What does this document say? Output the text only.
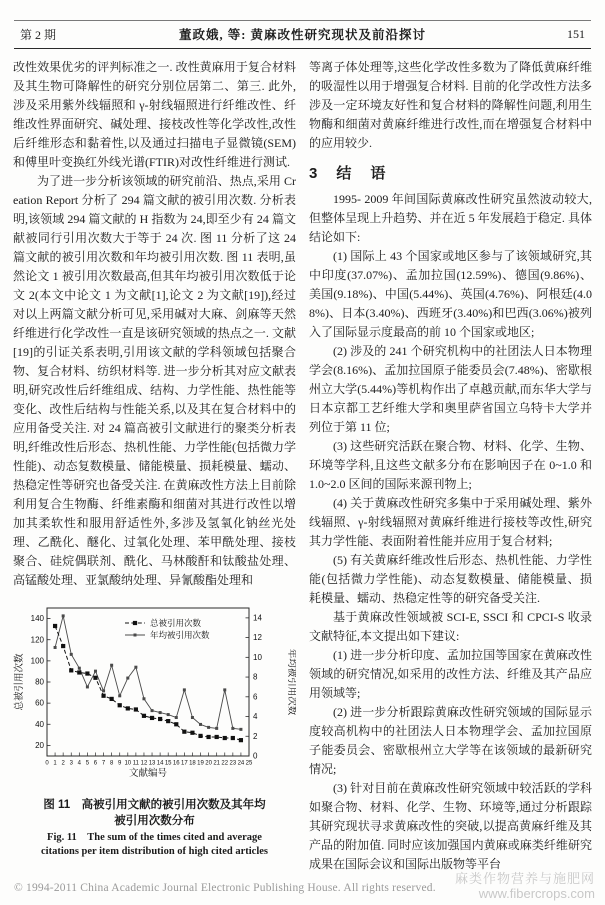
第 2 期	董政娥, 等: 黄麻改性研究现状及前沿探讨	151

改性效果优劣的评判标准之一. 改性黄麻用于复合材料及其生物可降解性的研究分别位居第二、第三. 此外,涉及采用紫外线辐照和 γ-射线辐照进行纤维改性、纤维改性界面研究、碱处理、接枝改性等化学改性,改性后纤维形态和黏着性,以及通过扫描电子显微镜(SEM)和傅里叶变换红外线光谱(FTIR)对改性纤维进行测试.

为了进一步分析该领域的研究前沿、热点,采用 Creation Report 分析了 294 篇文献的被引用次数. 分析表明,该领域 294 篇文献的 H 指数为 24,即至少有 24 篇文献被同行引用次数大于等于 24 次. 图 11 分析了这 24 篇文献的被引用次数和年均被引用次数. 图 11 表明,虽然论文 1 被引用次数最高,但其年均被引用次数低于论文 2(本文中论文 1 为文献[1],论文 2 为文献[19]),经过对以上两篇文献分析可见,采用碱对大麻、剑麻等天然纤维进行化学改性一直是该研究领域的热点之一. 文献[19]的引证关系表明,引用该文献的学科领域包括聚合物、复合材料、纺织材料等. 进一步分析其对应文献表明,研究改性后纤维组成、结构、力学性能、热性能等变化、改性后结构与性能关系,以及其在复合材料中的应用备受关注. 对 24 篇高被引文献进行的聚类分析表明,纤维改性后形态、热机性能、力学性能(包括微力学性能)、动态复数模量、储能模量、损耗模量、蠕动、热稳定性等研究也备受关注. 在黄麻改性方法上目前除利用复合生物酶、纤维素酶和细菌对其进行改性以增加其柔软性和服用舒适性外,多涉及氢氧化钠丝光处理、乙酰化、醚化、过氧化处理、苯甲酰处理、接枝聚合、硅烷偶联剂、酰化、马林酸酐和钛酸盐处理、高锰酸处理、亚氯酸纳处理、异氰酸酯处理和

20
40
60
80
100
120
140
0
2
4
6
8
10
12
14
0 1 2 3 4 5 6 7 8 9 10 11 12 13 14 15 16 17 18 19 20 21 22 23 24 25
文献编号
总被引用次数	年均被引用次数
总被引用次数
年均被引用次数
图 11　高被引用文献的被引用次数及其年均被引用次数分布
Fig. 11　The sum of the times cited and average citations per item distribution of high cited articles

等离子体处理等,这些化学改性多数为了降低黄麻纤维的吸湿性以用于增强复合材料. 目前的化学改性方法多涉及一定环境友好性和复合材料的降解性问题,利用生物酶和细菌对黄麻纤维进行改性,而在增强复合材料中的应用较少.

3　结　语

1995- 2009 年间国际黄麻改性研究虽然波动较大,但整体呈现上升趋势、并在近 5 年发展趋于稳定. 具体结论如下:

(1) 国际上 43 个国家或地区参与了该领域研究,其中印度(37.07%)、孟加拉国(12.59%)、德国(9.86%)、美国(9.18%)、中国(5.44%)、英国(4.76%)、阿根廷(4.08%)、日本(3.40%)、西班牙(3.40%)和巴西(3.06%)被列入了国际显示度最高的前 10 个国家或地区;

(2) 涉及的 241 个研究机构中的社团法人日本物理学会(8.16%)、孟加拉国原子能委员会(7.48%)、密歇根州立大学(5.44%)等机构作出了卓越贡献,而东华大学与日本京都工艺纤维大学和奥里萨省国立乌特卡大学并列位于第 11 位;

(3) 这些研究活跃在聚合物、材料、化学、生物、环境等学科,且这些文献多分布在影响因子在 0~1.0 和 1.0~2.0 区间的国际来源刊物上;

(4) 关于黄麻改性研究多集中于采用碱处理、紫外线辐照、γ-射线辐照对黄麻纤维进行接枝等改性,研究其力学性能、表面附着性能并应用于复合材料;

(5) 有关黄麻纤维改性后形态、热机性能、力学性能(包括微力学性能)、动态复数模量、储能模量、损耗模量、蠕动、热稳定性等的研究备受关注.

基于黄麻改性领域被 SCI-E, SSCI 和 CPCI-S 收录文献特征,本文提出如下建议:

(1) 进一步分析印度、孟加拉国等国家在黄麻改性领域的研究情况,如采用的改性方法、纤维及其产品应用领域等;

(2) 进一步分析跟踪黄麻改性研究领域的国际显示度较高机构中的社团法人日本物理学会、孟加拉国原子能委员会、密歇根州立大学等在该领域的最新研究情况;

(3) 针对目前在黄麻改性研究领域中较活跃的学科如聚合物、材料、化学、生物、环境等,通过分析跟踪其研究现状寻求黄麻改性的突破,以提高黄麻纤维及其产品的附加值. 同时应该加强国内黄麻或麻类纤维研究成果在国际会议和国际出版物等平台

© 1994-2011 China Academic Journal Electronic Publishing House. All rights reserved.
麻类作物营养与施肥网
www.fibercrops.com
